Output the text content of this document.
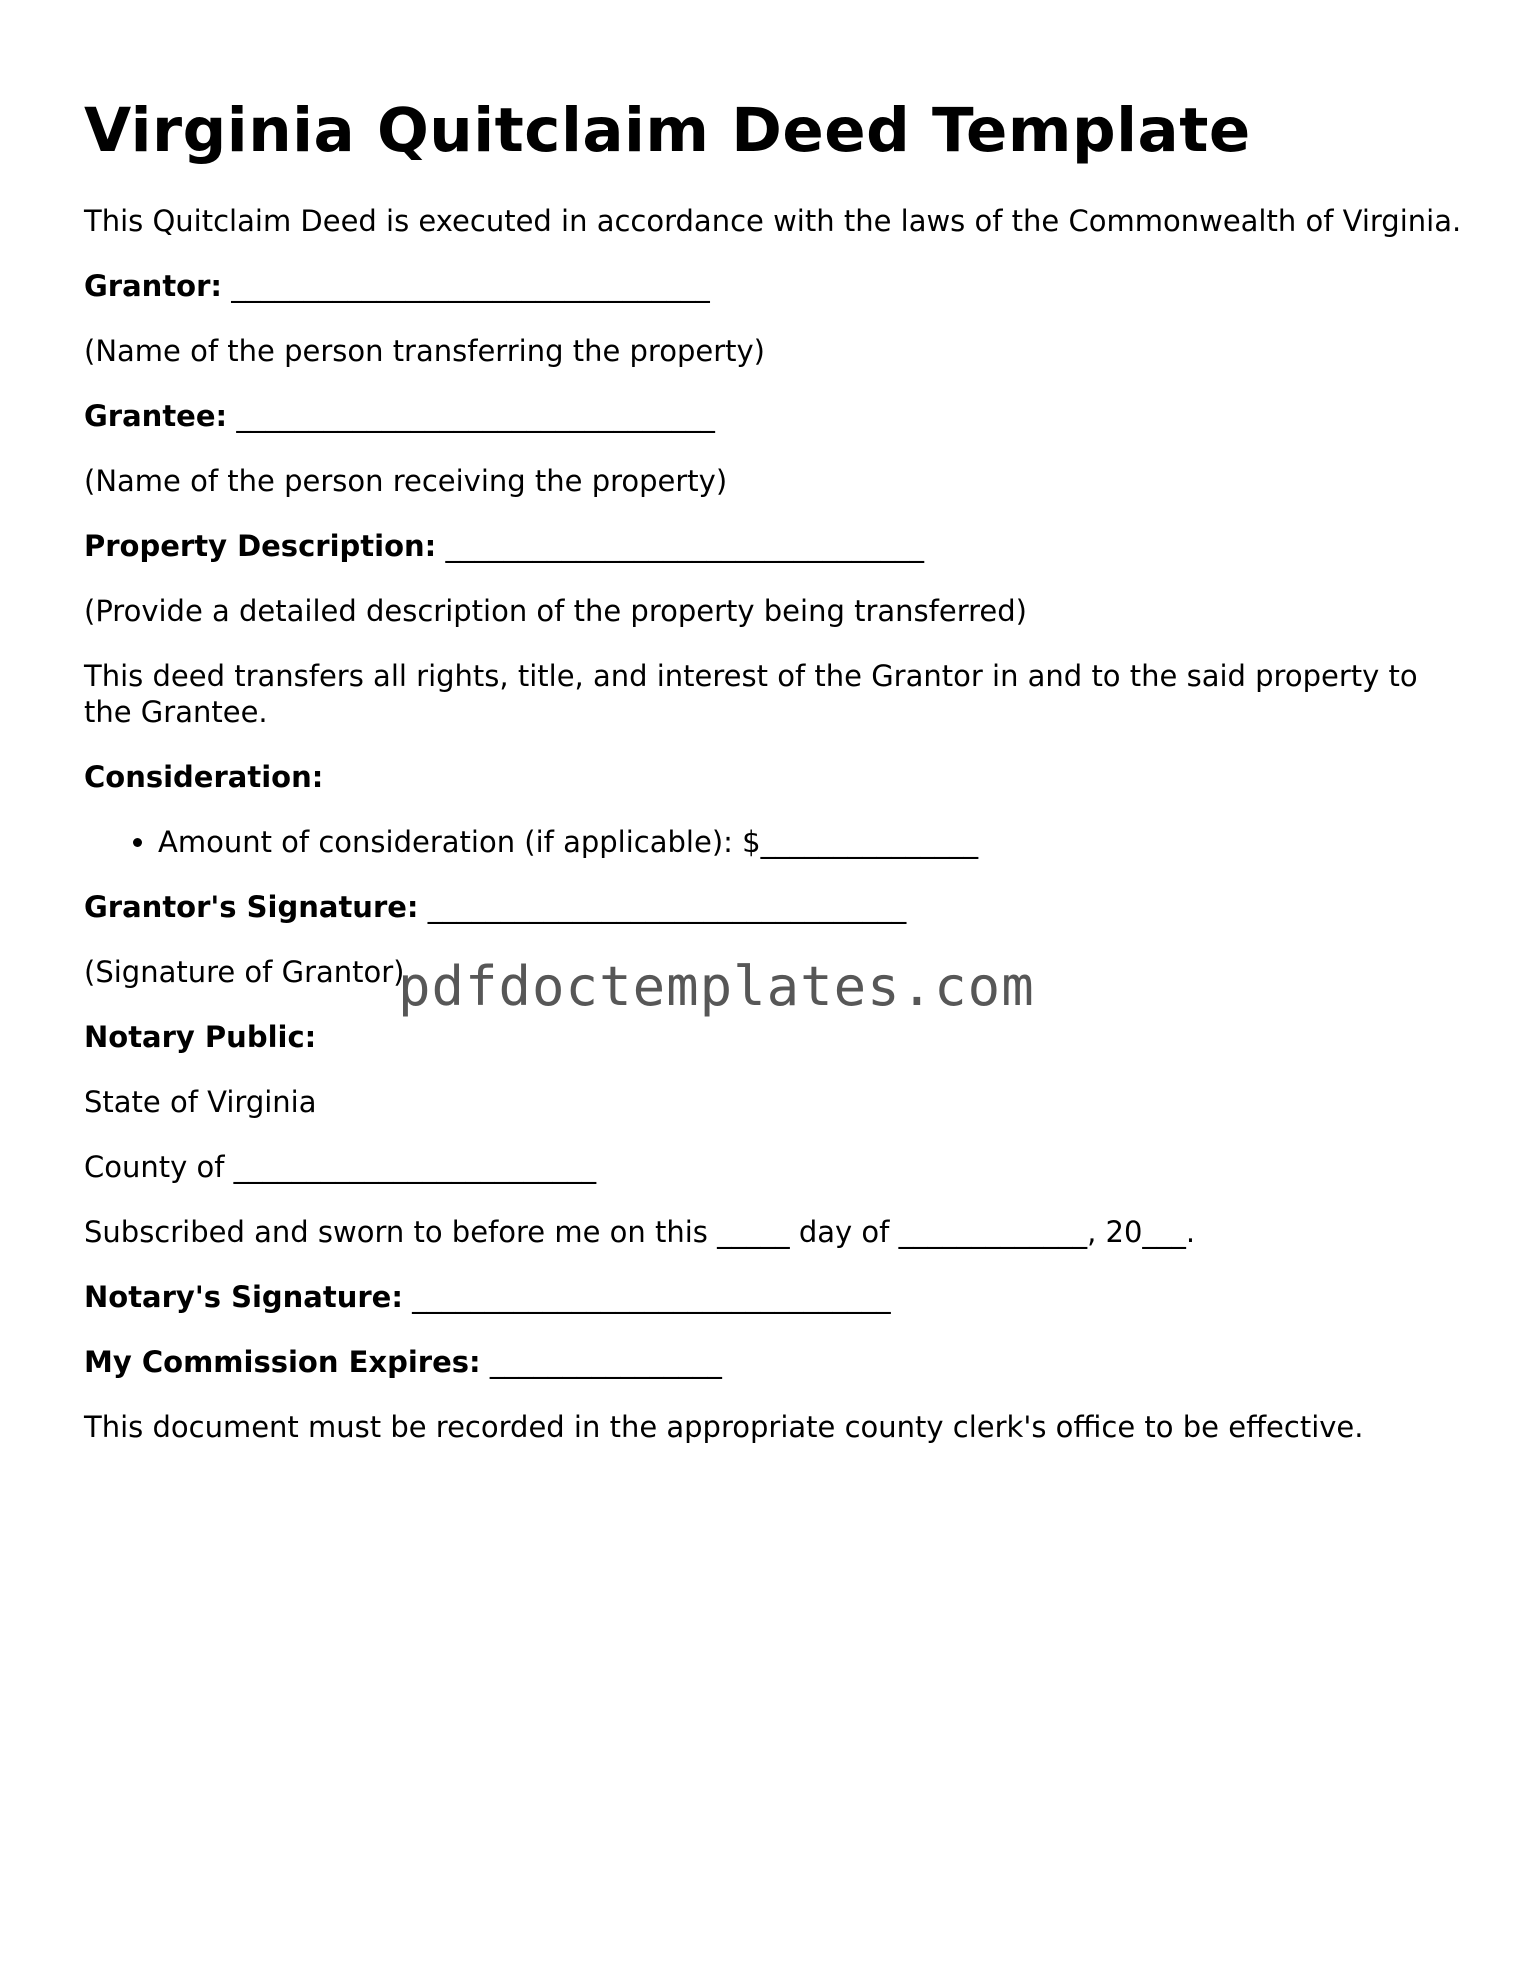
Virginia Quitclaim Deed Template

This Quitclaim Deed is executed in accordance with the laws of the Commonwealth of Virginia.

Grantor: _________________________________

(Name of the person transferring the property)

Grantee: _________________________________

(Name of the person receiving the property)

Property Description: _________________________________

(Provide a detailed description of the property being transferred)

This deed transfers all rights, title, and interest of the Grantor in and to the said property to the Grantee.

Consideration:

• Amount of consideration (if applicable): $_______________

Grantor's Signature: _________________________________

(Signature of Grantor)

Notary Public:

State of Virginia

County of _________________________

Subscribed and sworn to before me on this _____ day of _____________, 20___.

Notary's Signature: _________________________________

My Commission Expires: ________________

This document must be recorded in the appropriate county clerk's office to be effective.

pdfdoctemplates.com
